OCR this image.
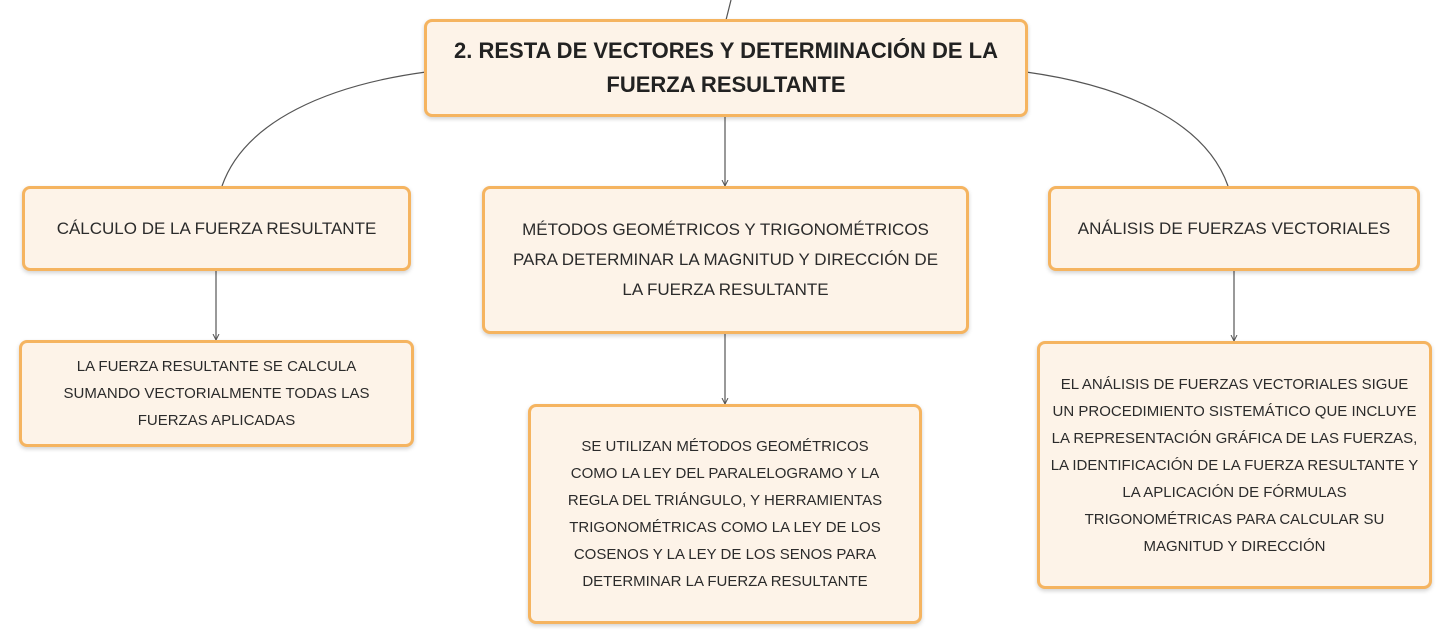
2. RESTA DE VECTORES Y DETERMINACIÓN DE LA FUERZA RESULTANTE
CÁLCULO DE LA FUERZA RESULTANTE	MÉTODOS GEOMÉTRICOS Y TRIGONOMÉTRICOS PARA DETERMINAR LA MAGNITUD Y DIRECCIÓN DE LA FUERZA RESULTANTE
ANÁLISIS DE FUERZAS VECTORIALES
LA FUERZA RESULTANTE SE CALCULA SUMANDO VECTORIALMENTE TODAS LAS FUERZAS APLICADAS
SE UTILIZAN MÉTODOS GEOMÉTRICOS COMO LA LEY DEL PARALELOGRAMO Y LA REGLA DEL TRIÁNGULO, Y HERRAMIENTAS TRIGONOMÉTRICAS COMO LA LEY DE LOS COSENOS Y LA LEY DE LOS SENOS PARA DETERMINAR LA FUERZA RESULTANTE
EL ANÁLISIS DE FUERZAS VECTORIALES SIGUE UN PROCEDIMIENTO SISTEMÁTICO QUE INCLUYE LA REPRESENTACIÓN GRÁFICA DE LAS FUERZAS, LA IDENTIFICACIÓN DE LA FUERZA RESULTANTE Y LA APLICACIÓN DE FÓRMULAS TRIGONOMÉTRICAS PARA CALCULAR SU MAGNITUD Y DIRECCIÓN
